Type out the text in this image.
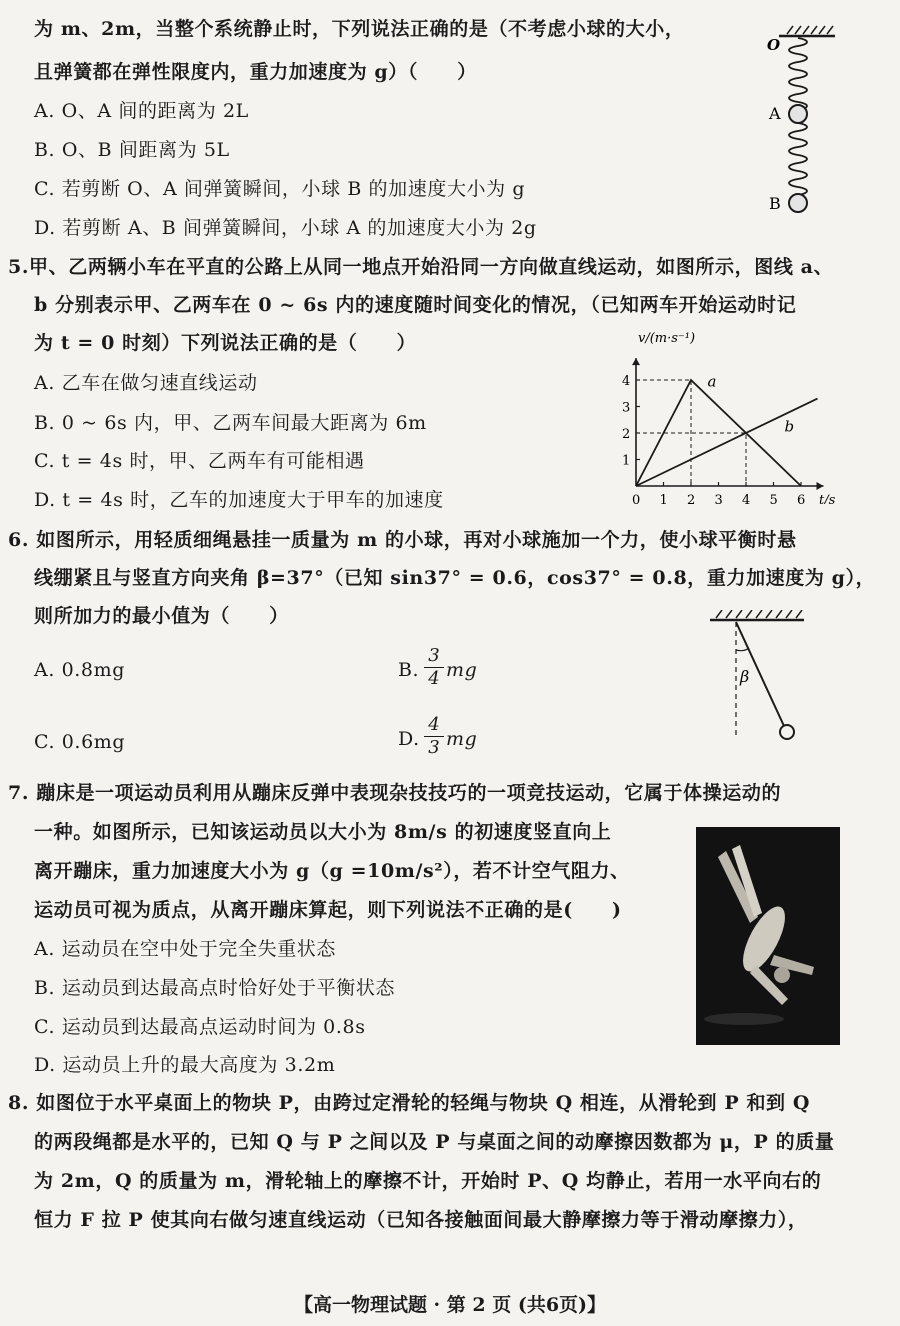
为 m、2m，当整个系统静止时，下列说法正确的是（不考虑小球的大小，
且弹簧都在弹性限度内，重力加速度为 g）（　　）
A. O、A 间的距离为 2L
B. O、B 间距离为 5L
C. 若剪断 O、A 间弹簧瞬间，小球 B 的加速度大小为 g
D. 若剪断 A、B 间弹簧瞬间，小球 A 的加速度大小为 2g
O
A
B
5.甲、乙两辆小车在平直的公路上从同一地点开始沿同一方向做直线运动，如图所示，图线 a、
b 分别表示甲、乙两车在 0 ~ 6s 内的速度随时间变化的情况，（已知两车开始运动时记
为 t = 0 时刻）下列说法正确的是（　　）
A. 乙车在做匀速直线运动
B. 0 ~ 6s 内，甲、乙两车间最大距离为 6m
C. t = 4s 时，甲、乙两车有可能相遇
D. t = 4s 时，乙车的加速度大于甲车的加速度	0 1 2 3 4 5 6
1
2
3
4	a
b
v/(m·s⁻¹)
t/s
6. 如图所示，用轻质细绳悬挂一质量为 m 的小球，再对小球施加一个力，使小球平衡时悬
线绷紧且与竖直方向夹角 β=37°（已知 sin37° = 0.6，cos37° = 0.8，重力加速度为 g），
则所加力的最小值为（　　）
A. 0.8mg	B.
3
4 mg
C. 0.6mg	D.
4
3 mg
β
7. 蹦床是一项运动员利用从蹦床反弹中表现杂技技巧的一项竞技运动，它属于体操运动的
一种。如图所示，已知该运动员以大小为 8m/s 的初速度竖直向上
离开蹦床，重力加速度大小为 g（g =10m/s²），若不计空气阻力、
运动员可视为质点，从离开蹦床算起，则下列说法不正确的是(　　)
A. 运动员在空中处于完全失重状态
B. 运动员到达最高点时恰好处于平衡状态
C. 运动员到达最高点运动时间为 0.8s
D. 运动员上升的最大高度为 3.2m
8. 如图位于水平桌面上的物块 P，由跨过定滑轮的轻绳与物块 Q 相连，从滑轮到 P 和到 Q
的两段绳都是水平的，已知 Q 与 P 之间以及 P 与桌面之间的动摩擦因数都为 μ，P 的质量
为 2m，Q 的质量为 m，滑轮轴上的摩擦不计，开始时 P、Q 均静止，若用一水平向右的
恒力 F 拉 P 使其向右做匀速直线运动（已知各接触面间最大静摩擦力等于滑动摩擦力），
【高一物理试题 · 第 2 页 (共6页)】
